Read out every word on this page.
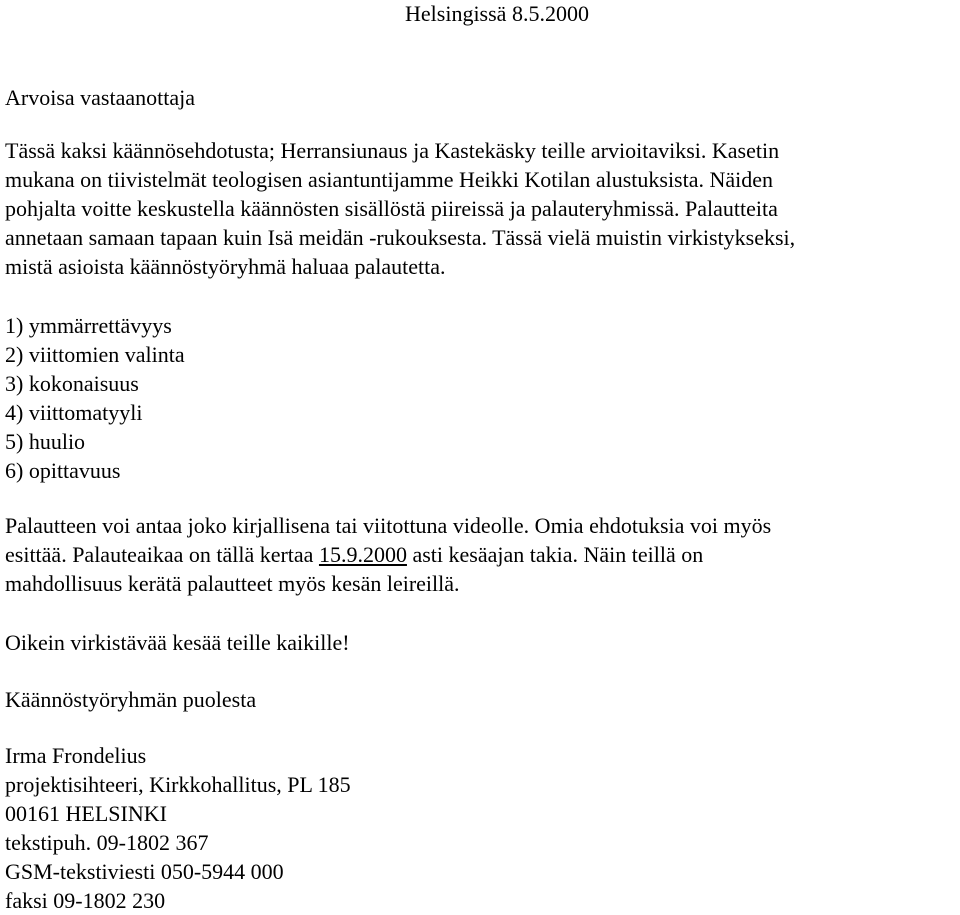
Helsingissä 8.5.2000
Arvoisa vastaanottaja
Tässä kaksi käännösehdotusta; Herransiunaus ja Kastekäsky teille arvioitaviksi. Kasetin
mukana on tiivistelmät teologisen asiantuntijamme Heikki Kotilan alustuksista. Näiden
pohjalta voitte keskustella käännösten sisällöstä piireissä ja palauteryhmissä. Palautteita
annetaan samaan tapaan kuin Isä meidän -rukouksesta. Tässä vielä muistin virkistykseksi,
mistä asioista käännöstyöryhmä haluaa palautetta.
1) ymmärrettävyys
2) viittomien valinta
3) kokonaisuus
4) viittomatyyli
5) huulio
6) opittavuus
Palautteen voi antaa joko kirjallisena tai viitottuna videolle. Omia ehdotuksia voi myös
esittää. Palauteaikaa on tällä kertaa 15.9.2000 asti kesäajan takia. Näin teillä on
mahdollisuus kerätä palautteet myös kesän leireillä.
Oikein virkistävää kesää teille kaikille!
Käännöstyöryhmän puolesta
Irma Frondelius
projektisihteeri, Kirkkohallitus, PL 185
00161 HELSINKI
tekstipuh. 09-1802 367
GSM-tekstiviesti 050-5944 000
faksi 09-1802 230
